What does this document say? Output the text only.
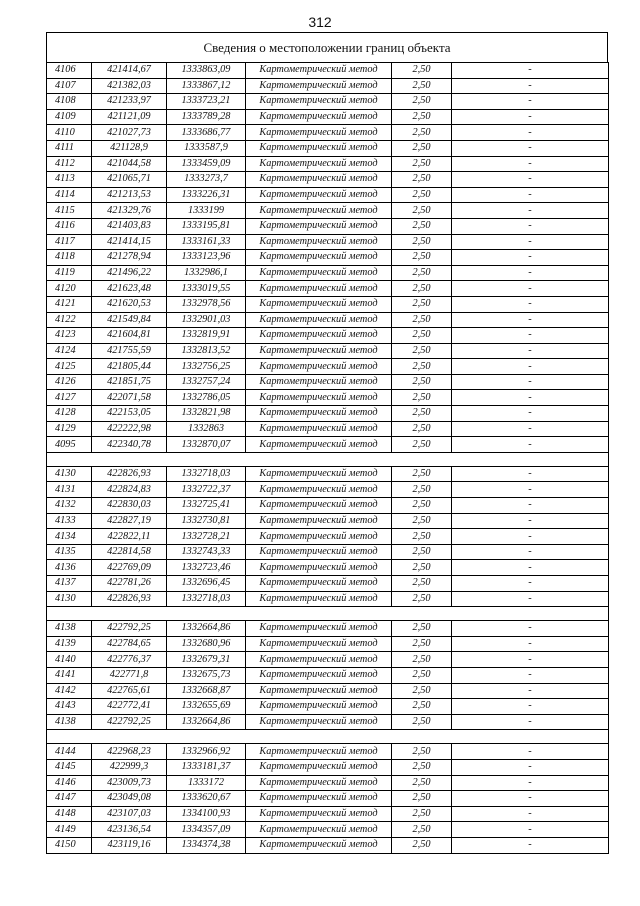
312
Сведения о местоположении границ объекта
4106	421414,67	1333863,09	Картометрический метод	2,50	-
4107	421382,03	1333867,12	Картометрический метод	2,50	-
4108	421233,97	1333723,21	Картометрический метод	2,50	-
4109	421121,09	1333789,28	Картометрический метод	2,50	-
4110	421027,73	1333686,77	Картометрический метод	2,50	-
4111	421128,9	1333587,9	Картометрический метод	2,50	-
4112	421044,58	1333459,09	Картометрический метод	2,50	-
4113	421065,71	1333273,7	Картометрический метод	2,50	-
4114	421213,53	1333226,31	Картометрический метод	2,50	-
4115	421329,76	1333199	Картометрический метод	2,50	-
4116	421403,83	1333195,81	Картометрический метод	2,50	-
4117	421414,15	1333161,33	Картометрический метод	2,50	-
4118	421278,94	1333123,96	Картометрический метод	2,50	-
4119	421496,22	1332986,1	Картометрический метод	2,50	-
4120	421623,48	1333019,55	Картометрический метод	2,50	-
4121	421620,53	1332978,56	Картометрический метод	2,50	-
4122	421549,84	1332901,03	Картометрический метод	2,50	-
4123	421604,81	1332819,91	Картометрический метод	2,50	-
4124	421755,59	1332813,52	Картометрический метод	2,50	-
4125	421805,44	1332756,25	Картометрический метод	2,50	-
4126	421851,75	1332757,24	Картометрический метод	2,50	-
4127	422071,58	1332786,05	Картометрический метод	2,50	-
4128	422153,05	1332821,98	Картометрический метод	2,50	-
4129	422222,98	1332863	Картометрический метод	2,50	-
4095	422340,78	1332870,07	Картометрический метод	2,50	-

4130	422826,93	1332718,03	Картометрический метод	2,50	-
4131	422824,83	1332722,37	Картометрический метод	2,50	-
4132	422830,03	1332725,41	Картометрический метод	2,50	-
4133	422827,19	1332730,81	Картометрический метод	2,50	-
4134	422822,11	1332728,21	Картометрический метод	2,50	-
4135	422814,58	1332743,33	Картометрический метод	2,50	-
4136	422769,09	1332723,46	Картометрический метод	2,50	-
4137	422781,26	1332696,45	Картометрический метод	2,50	-
4130	422826,93	1332718,03	Картометрический метод	2,50	-

4138	422792,25	1332664,86	Картометрический метод	2,50	-
4139	422784,65	1332680,96	Картометрический метод	2,50	-
4140	422776,37	1332679,31	Картометрический метод	2,50	-
4141	422771,8	1332675,73	Картометрический метод	2,50	-
4142	422765,61	1332668,87	Картометрический метод	2,50	-
4143	422772,41	1332655,69	Картометрический метод	2,50	-
4138	422792,25	1332664,86	Картометрический метод	2,50	-

4144	422968,23	1332966,92	Картометрический метод	2,50	-
4145	422999,3	1333181,37	Картометрический метод	2,50	-
4146	423009,73	1333172	Картометрический метод	2,50	-
4147	423049,08	1333620,67	Картометрический метод	2,50	-
4148	423107,03	1334100,93	Картометрический метод	2,50	-
4149	423136,54	1334357,09	Картометрический метод	2,50	-
4150	423119,16	1334374,38	Картометрический метод	2,50	-
